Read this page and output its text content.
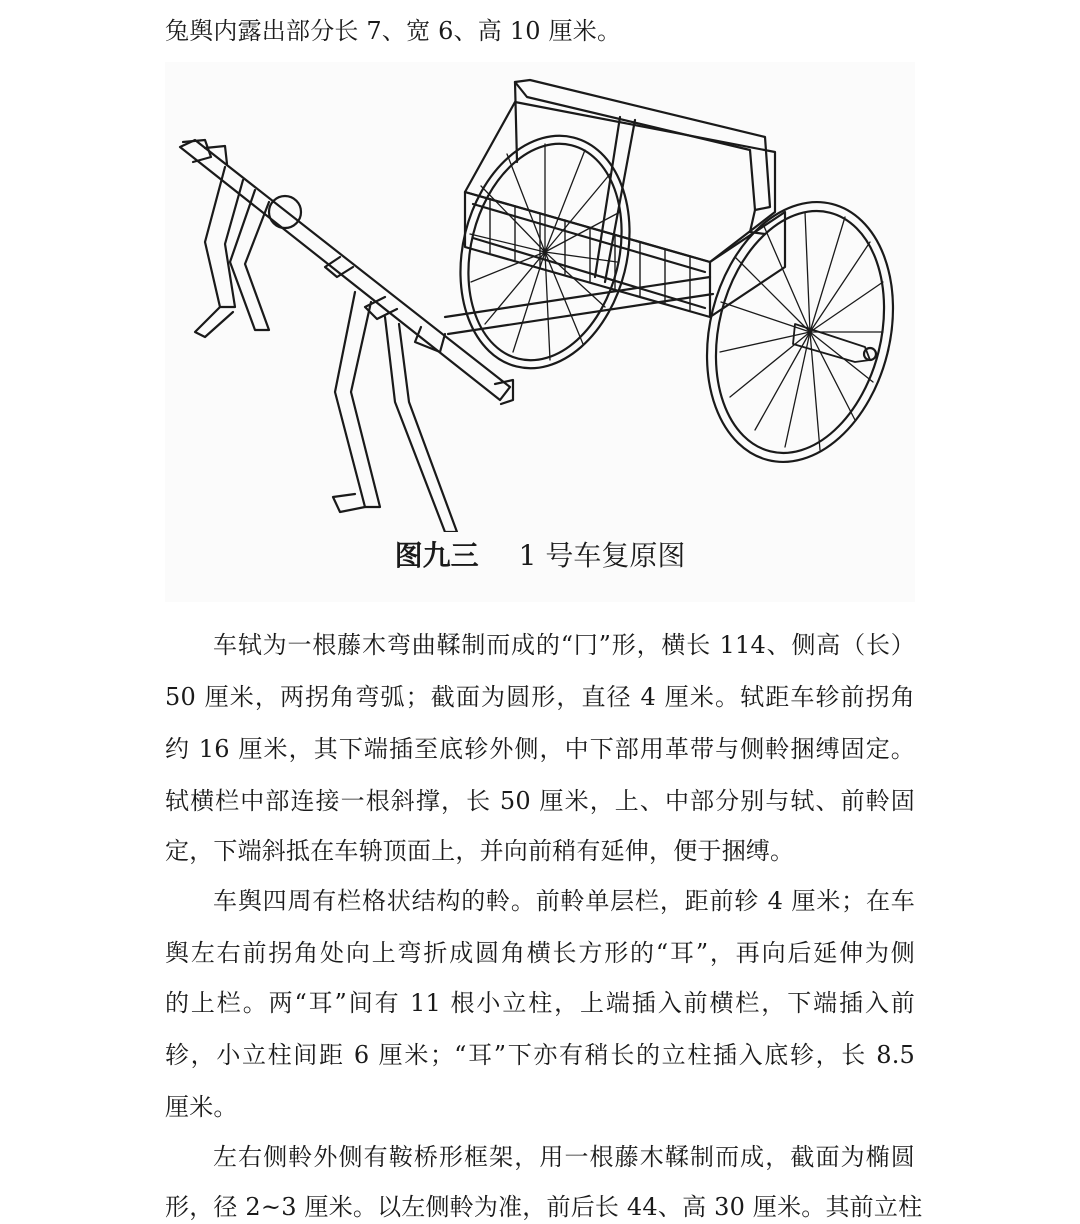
兔舆内露出部分长 7、宽 6、高 10 厘米。
图九三 1 号车复原图
车轼为一根藤木弯曲鞣制而成的“冂”形，横长 114、侧高（长）
50 厘米，两拐角弯弧；截面为圆形，直径 4 厘米。轼距车轸前拐角
约 16 厘米，其下端插至底轸外侧，中下部用革带与侧軨捆缚固定。
轼横栏中部连接一根斜撑，长 50 厘米，上、中部分别与轼、前軨固
定，下端斜抵在车辀顶面上，并向前稍有延伸，便于捆缚。
车舆四周有栏格状结构的軨。前軨单层栏，距前轸 4 厘米；在车
舆左右前拐角处向上弯折成圆角横长方形的“耳”，再向后延伸为侧
的上栏。两“耳”间有 11 根小立柱，上端插入前横栏，下端插入前
轸，小立柱间距 6 厘米；“耳”下亦有稍长的立柱插入底轸，长 8.5
厘米。
左右侧軨外侧有鞍桥形框架，用一根藤木鞣制而成，截面为椭圆
形，径 2~3 厘米。以左侧軨为准，前后长 44、高 30 厘米。其前立柱
